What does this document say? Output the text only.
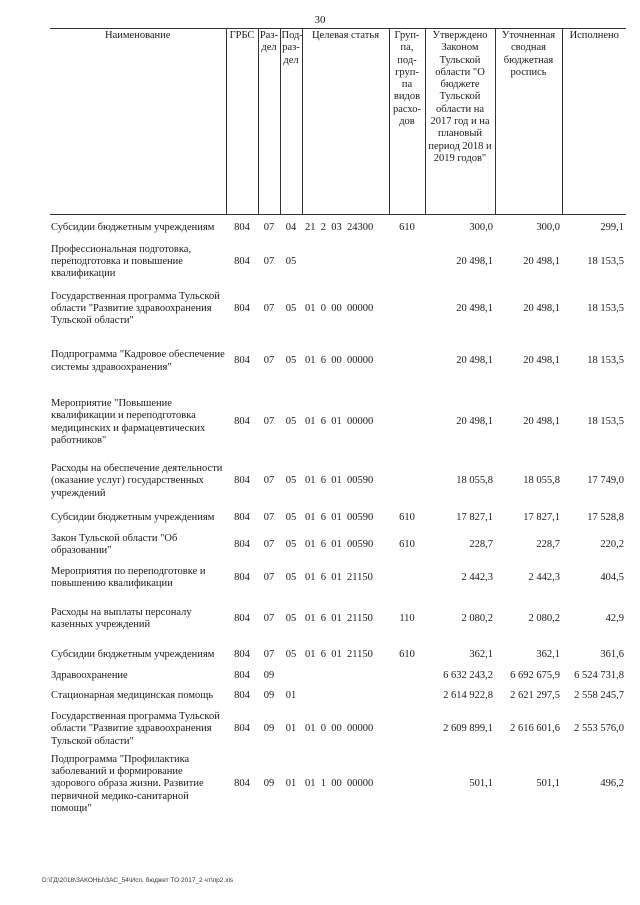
30
Наименование	ГРБС	Раз-дел	Под-раз-дел	Целевая статья	Груп-па, под-груп-па видов расхо-дов	Утверждено Законом Тульской области "О бюджете Тульской области на 2017 год и на плановый период 2018 и 2019 годов"	Уточненная сводная бюджетная роспись	Исполнено
Субсидии бюджетным учреждениям	804	07	04	21  2  03  24300	610	300,0	300,0	299,1
Профессиональная подготовка, переподготовка и повышение квалификации	804	07	05			20 498,1	20 498,1	18 153,5
Государственная программа Тульской области "Развитие здравоохранения Тульской области"	804	07	05	01  0  00  00000		20 498,1	20 498,1	18 153,5
Подпрограмма "Кадровое обеспечение системы здравоохранения"	804	07	05	01  6  00  00000		20 498,1	20 498,1	18 153,5
Мероприятие "Повышение квалификации и переподготовка медицинских и фармацевтических работников"	804	07	05	01  6  01  00000		20 498,1	20 498,1	18 153,5
Расходы на обеспечение деятельности (оказание услуг) государственных учреждений	804	07	05	01  6  01  00590		18 055,8	18 055,8	17 749,0
Субсидии бюджетным учреждениям	804	07	05	01  6  01  00590	610	17 827,1	17 827,1	17 528,8
Закон Тульской области "Об образовании"	804	07	05	01  6  01  00590	610	228,7	228,7	220,2
Мероприятия по переподготовке и повышению квалификации	804	07	05	01  6  01  21150		2 442,3	2 442,3	404,5
Расходы на выплаты персоналу казенных учреждений	804	07	05	01  6  01  21150	110	2 080,2	2 080,2	42,9
Субсидии бюджетным учреждениям	804	07	05	01  6  01  21150	610	362,1	362,1	361,6
Здравоохранение	804	09				6 632 243,2	6 692 675,9	6 524 731,8
Стационарная медицинская помощь	804	09	01			2 614 922,8	2 621 297,5	2 558 245,7
Государственная программа Тульской области "Развитие здравоохранения Тульской области"	804	09	01	01  0  00  00000		2 609 899,1	2 616 601,6	2 553 576,0
Подпрограмма "Профилактика заболеваний и формирование здорового образа жизни. Развитие первичной медико-санитарной помощи"	804	09	01	01  1  00  00000		501,1	501,1	496,2
D:\ГД\2018\ЗАКОНЫ\ЗАС_54\Исп. бюджет ТО 2017_2 чт\пр2.xls
